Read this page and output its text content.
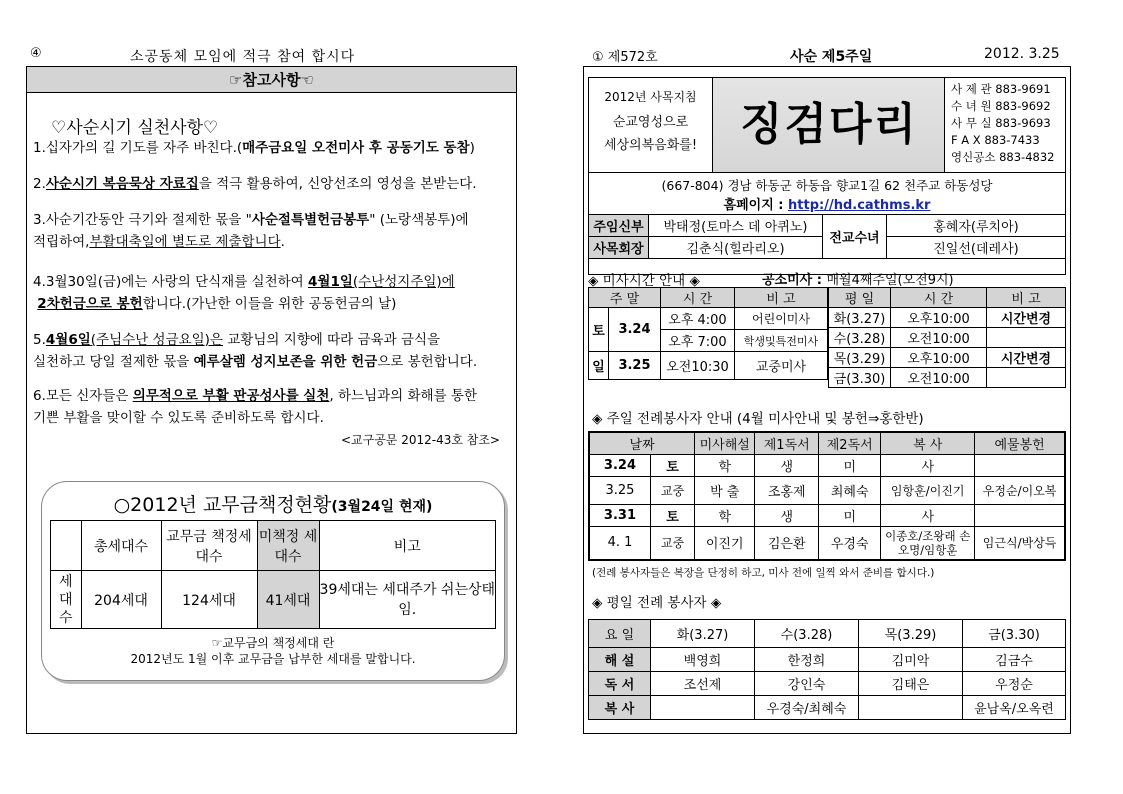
④	소공동체 모임에 적극 참여 합시다
☞참고사항☜
♡사순시기 실천사항♡

1.십자가의 길 기도를 자주 바친다.(매주금요일 오전미사 후 공동기도 동참)

2.사순시기 복음묵상 자료집을 적극 활용하여, 신앙선조의 영성을 본받는다.

3.사순기간동안 극기와 절제한 몫을 "사순절특별헌금봉투" (노랑색봉투)에
적립하여,부활대축일에 별도로 제출합니다.

4.3월30일(금)에는 사랑의 단식재를 실천하여 4월1일(수난성지주일)에
2차헌금으로 봉헌합니다.(가난한 이들을 위한 공동헌금의 날)

5.4월6일(주님수난 성금요일)은 교황님의 지향에 따라 금육과 금식을
실천하고 당일 절제한 몫을 예루살렘 성지보존을 위한 헌금으로 봉헌합니다.

6.모든 신자들은 의무적으로 부활 판공성사를 실천, 하느님과의 화해를 통한
기쁜 부활을 맞이할 수 있도록 준비하도록 합시다.

<교구공문 2012-43호 참조>
○2012년 교무금책정현황(3월24일 현재)
	총세대수	교무금 책정세대수	미책정 세대수	비고
세대수	204세대	124세대	41세대	39세대는 세대주가 쉬는상태 임.
☞교무금의 책정세대 란
2012년도 1월 이후 교무금을 납부한 세대를 말합니다.
① 제572호	사순 제5주일	2012. 3.25
2012년 사목지침
순교영성으로
세상의복음화를! 징검다리
사 제 관 883-9691
수 녀 원 883-9692
사 무 실 883-9693
F A X 883-7433
영신공소 883-4832
(667-804) 경남 하동군 하동읍 향교1길 62 천주교 하동성당
홈페이지 : http://hd.cathms.kr
주임신부	박태정(토마스 데 아퀴노)	전교수녀	홍혜자(루치아)
사목회장	김춘식(힐라리오)		진일선(데레사)
◈ 미사시간 안내 ◈	공소미사 : 매월4째주일(오전9시)
주 말		시 간	비 고
토	3.24	오후 4:00	어린이미사
		오후 7:00	학생및특전미사
일	3.25	오전10:30	교중미사
평 일	시 간	비 고
화(3.27)	오후10:00	시간변경
수(3.28)	오전10:00	
목(3.29)	오후10:00	시간변경
금(3.30)	오전10:00	
◈ 주일 전례봉사자 안내 (4월 미사안내 및 봉헌⇒홍한반)
날짜		미사해설	제1독서	제2독서	복 사	예물봉헌
3.24	토	학	생	미	사	
3.25	교중	박 출	조홍제	최혜숙	임항훈/이진기	우정순/이오복
3.31	토	학	생	미	사	
4. 1	교중	이진기	김은환	우경숙	이종호/조왕래 손오명/임항훈	임근식/박상득
(전례 봉사자들은 복장을 단정히 하고, 미사 전에 일찍 와서 준비를 합시다.)
◈ 평일 전례 봉사자 ◈
요 일	화(3.27)	수(3.28)	목(3.29)	금(3.30)
해 설	백영희	한정희	김미악	김금수
독 서	조선제	강인숙	김태은	우정순
복 사		우경숙/최혜숙		윤남옥/오옥련
